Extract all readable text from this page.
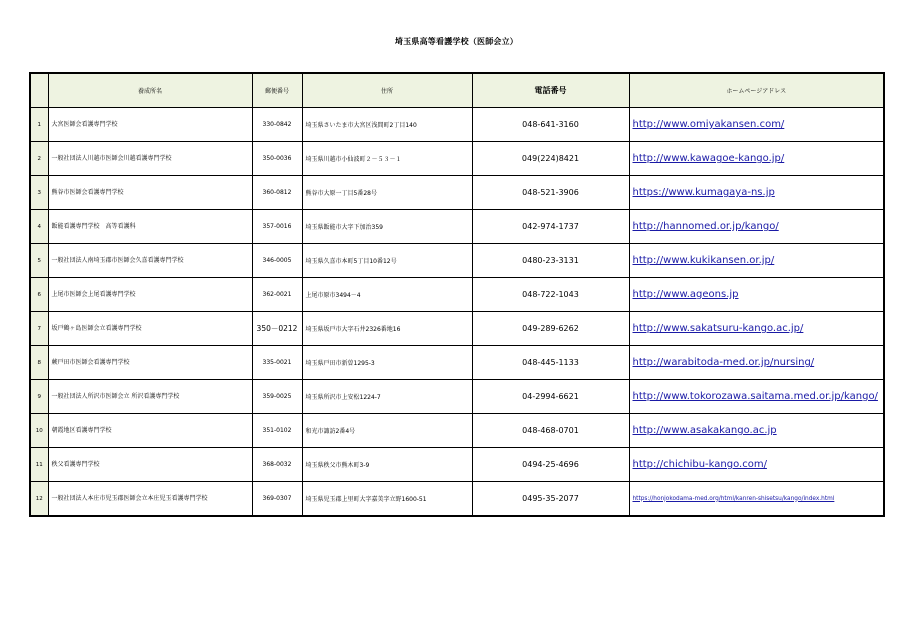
埼玉県高等看護学校（医師会立）
	養成所名	郵便番号	住所	電話番号	ホームページアドレス
1	大宮医師会看護専門学校	330-0842	埼玉県さいたま市大宮区浅間町2丁目140	048-641-3160	http://www.omiyakansen.com/
2	一般社団法人川越市医師会川越看護専門学校	350-0036	埼玉県川越市小仙波町２－５３－１	049(224)8421	http://www.kawagoe-kango.jp/
3	熊谷市医師会看護専門学校	360-0812	熊谷市大原一丁目5番28号	048-521-3906	https://www.kumagaya-ns.jp
4	飯能看護専門学校　高等看護科	357-0016	埼玉県飯能市大字下加治359	042-974-1737	http://hannomed.or.jp/kango/
5	一般社団法人南埼玉郡市医師会久喜看護専門学校	346-0005	埼玉県久喜市本町5丁目10番12号	0480-23-3131	http://www.kukikansen.or.jp/
6	上尾市医師会上尾看護専門学校	362-0021	上尾市原市3494－4	048-722-1043	http://www.ageons.jp
7	坂戸鶴ヶ島医師会立看護専門学校	350－0212	埼玉県坂戸市大字石井2326番地16	049-289-6262	http://www.sakatsuru-kango.ac.jp/
8	蕨戸田市医師会看護専門学校	335-0021	埼玉県戸田市新曽1295-3	048-445-1133	http://warabitoda-med.or.jp/nursing/
9	一般社団法人所沢市医師会立 所沢看護専門学校	359-0025	埼玉県所沢市上安松1224-7	04-2994-6621	http://www.tokorozawa.saitama.med.or.jp/kango/
10	朝霞地区看護専門学校	351-0102	和光市諏訪2番4号	048-468-0701	http://www.asakakango.ac.jp
11	秩父看護専門学校	368-0032	埼玉県秩父市熊木町3-9	0494-25-4696	http://chichibu-kango.com/
12	一般社団法人本庄市児玉郡医師会立本庄児玉看護専門学校	369-0307	埼玉県児玉郡上里町大字嘉美字立野1600-51	0495-35-2077	https://honjokodama-med.org/html/kanren-shisetsu/kango/index.html
